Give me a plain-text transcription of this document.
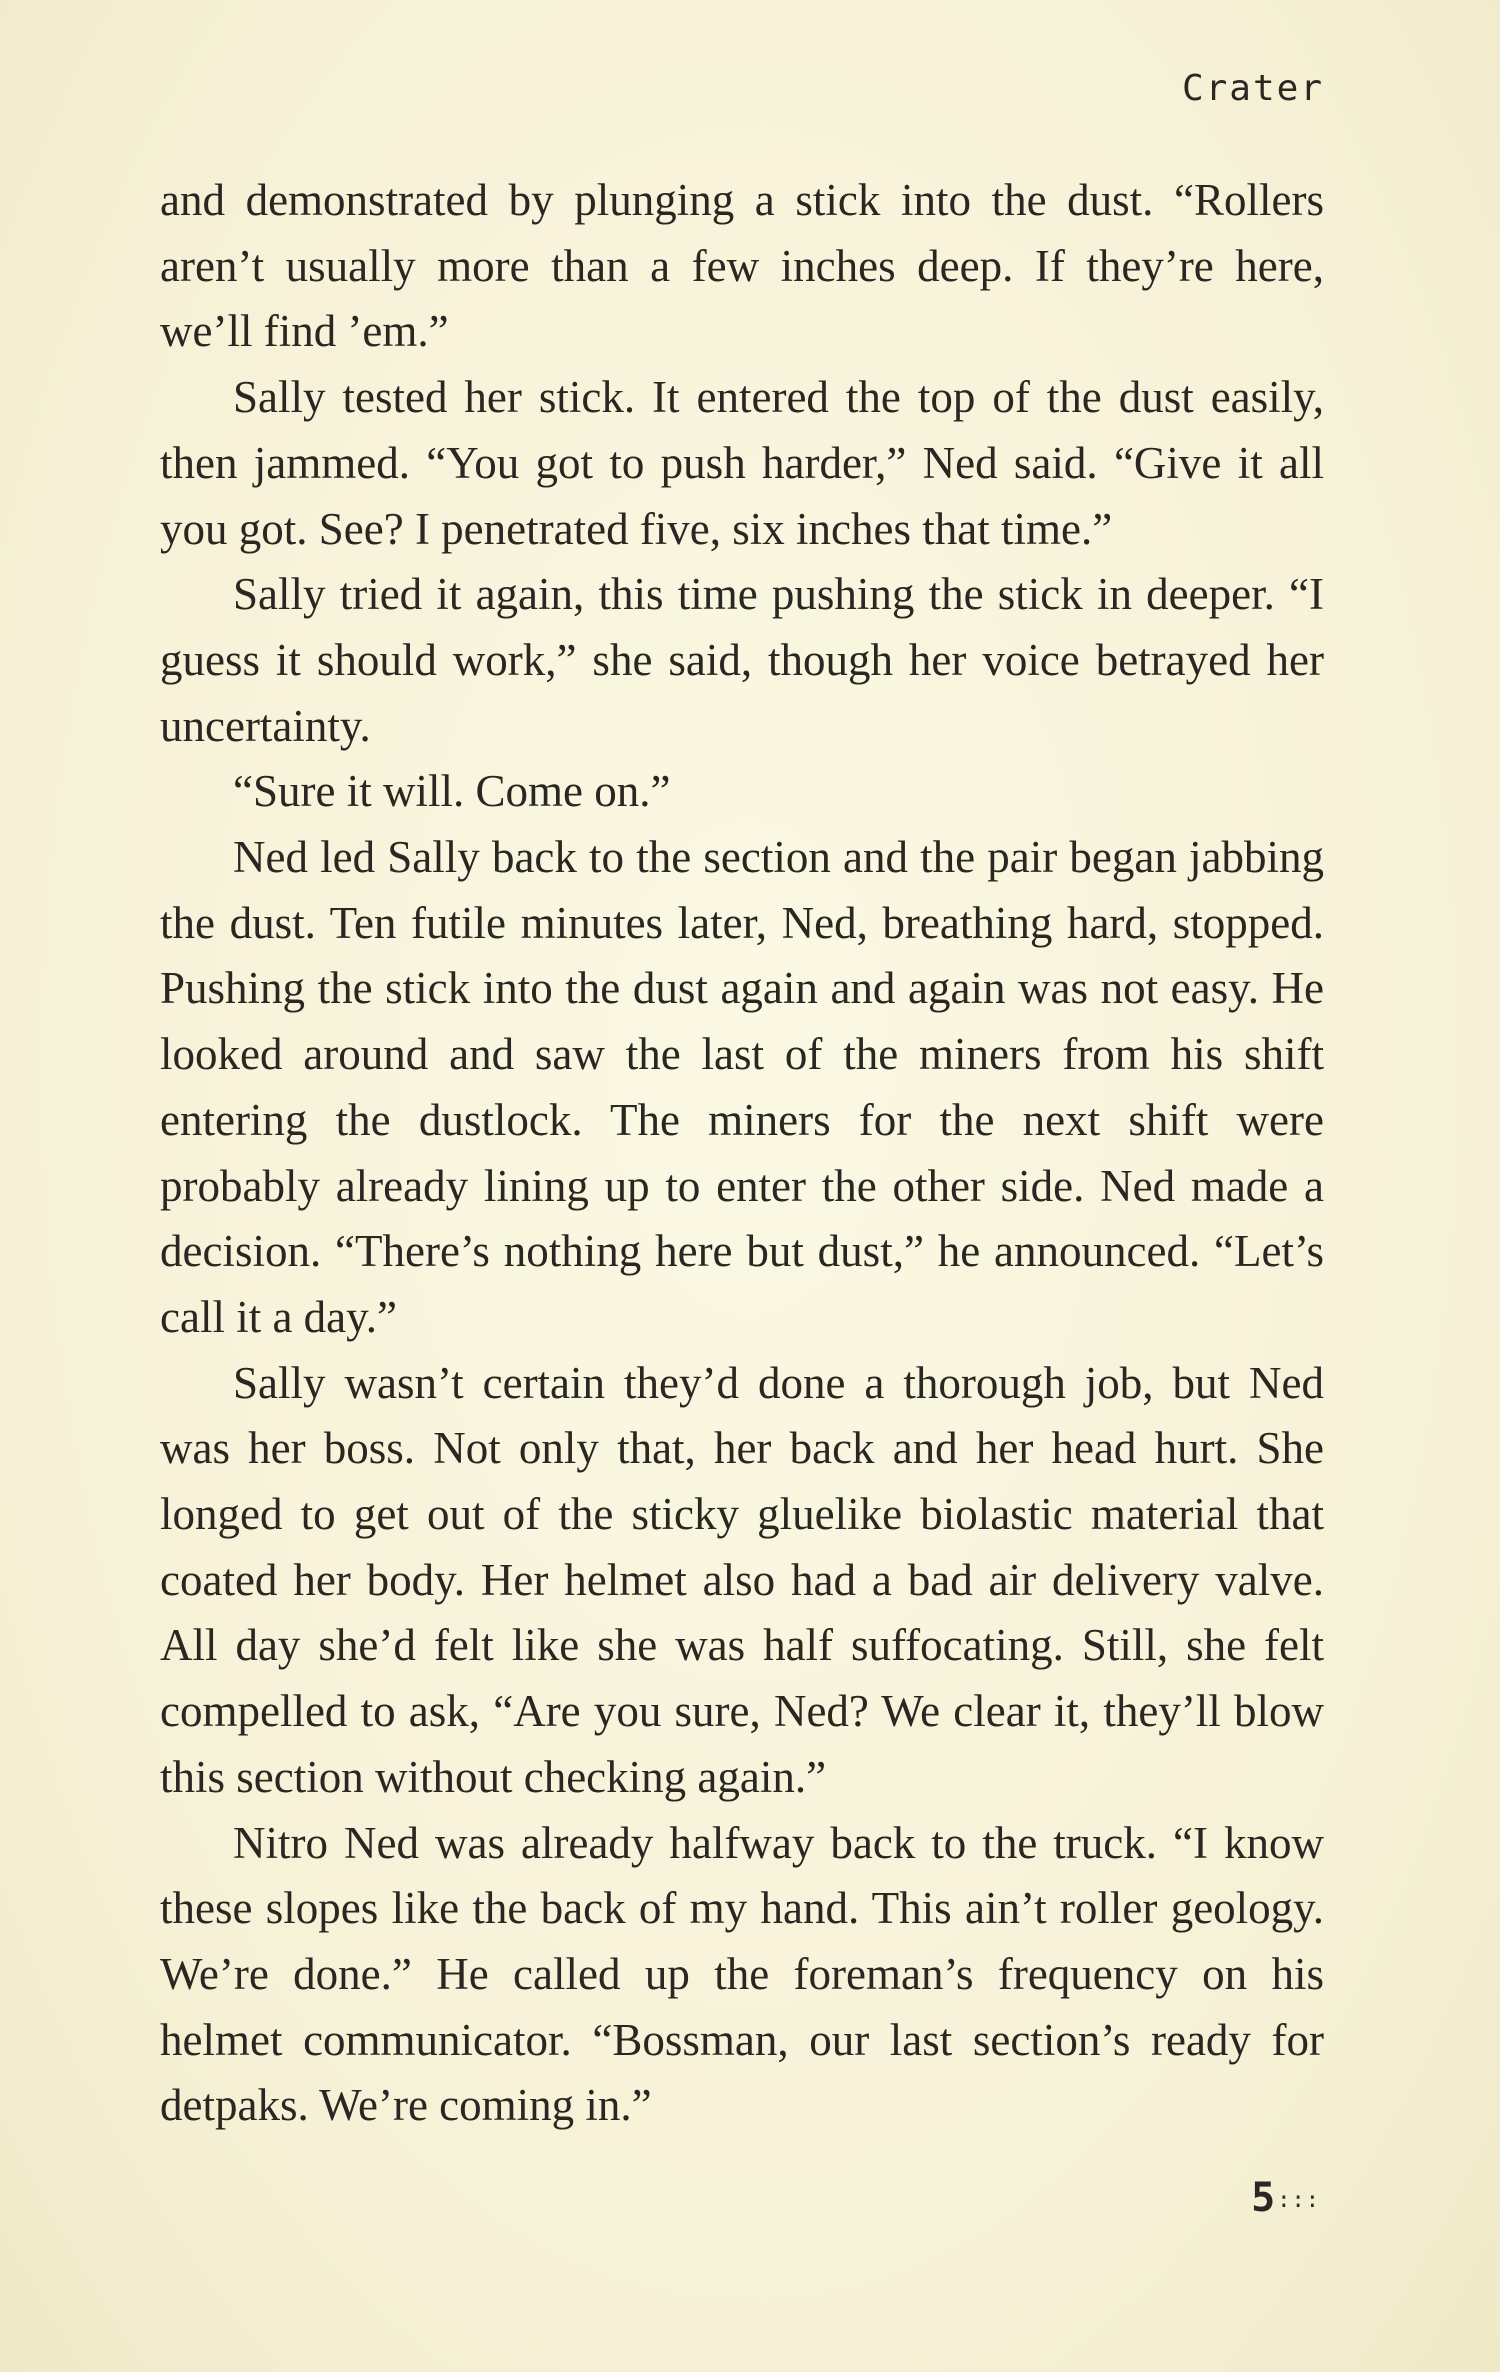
Crater

and demonstrated by plunging a stick into the dust. “Rollers aren’t usually more than a few inches deep. If they’re here, we’ll find ’em.”

Sally tested her stick. It entered the top of the dust easily, then jammed. “You got to push harder,” Ned said. “Give it all you got. See? I penetrated five, six inches that time.”

Sally tried it again, this time pushing the stick in deeper. “I guess it should work,” she said, though her voice betrayed her uncertainty.

“Sure it will. Come on.”

Ned led Sally back to the section and the pair began jabbing the dust. Ten futile minutes later, Ned, breathing hard, stopped. Pushing the stick into the dust again and again was not easy. He looked around and saw the last of the miners from his shift entering the dustlock. The miners for the next shift were probably already lining up to enter the other side. Ned made a decision. “There’s nothing here but dust,” he announced. “Let’s call it a day.”

Sally wasn’t certain they’d done a thorough job, but Ned was her boss. Not only that, her back and her head hurt. She longed to get out of the sticky gluelike biolastic material that coated her body. Her helmet also had a bad air delivery valve. All day she’d felt like she was half suffocating. Still, she felt compelled to ask, “Are you sure, Ned? We clear it, they’ll blow this section without checking again.”

Nitro Ned was already halfway back to the truck. “I know these slopes like the back of my hand. This ain’t roller geology. We’re done.” He called up the foreman’s frequency on his helmet communicator. “Bossman, our last section’s ready for detpaks. We’re coming in.”

5:::
